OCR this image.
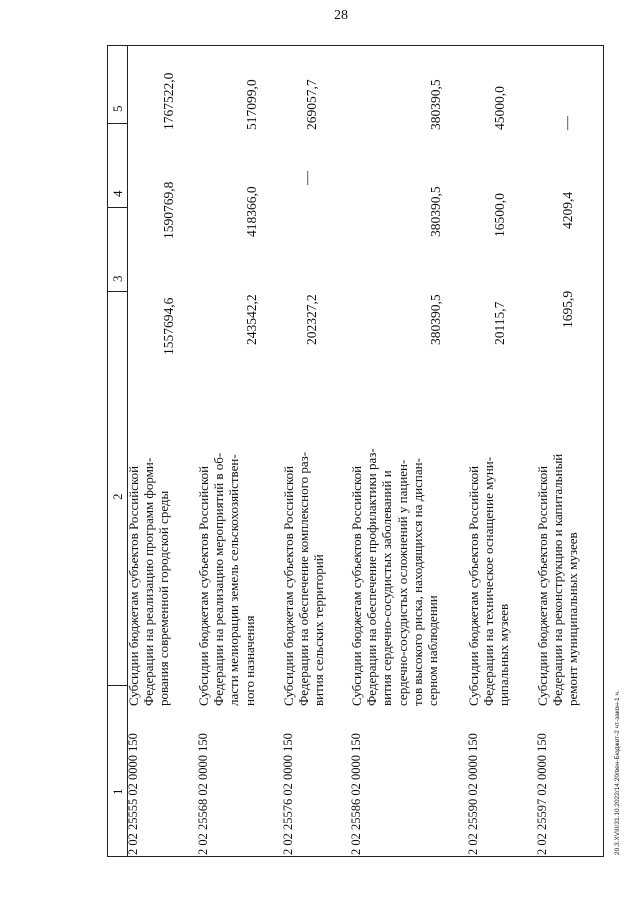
28
5
4
3
2
1 2 02 25555 02 0000 150
Субсидии бюджетам субъектов Российской Федерации на реализацию программ форми- рования современной городской среды
1557694,6
1590769,8
1767522,0
2 02 25568 02 0000 150
Субсидии бюджетам субъектов Российской Федерации на реализацию мероприятий в об- ласти мелиорации земель сельскохозяйствен- ного назначения
243542,2
418366,0
517099,0
2 02 25576 02 0000 150
Субсидии бюджетам субъектов Российской Федерации на обеспечение комплексного раз- вития сельских территорий
202327,2
—
269057,7
2 02 25586 02 0000 150
Субсидии бюджетам субъектов Российской Федерации на обеспечение профилактики раз- вития сердечно-сосудистых заболеваний и сердечно-сосудистых осложнений у пациен- тов высокого риска, находящихся на диспан- серном наблюдении
380390,5
380390,5
380390,5
2 02 25590 02 0000 150
Субсидии бюджетам субъектов Российской Федерации на техническое оснащение муни- ципальных музеев
20115,7
16500,0
45000,0
2 02 25597 02 0000 150
Субсидии бюджетам субъектов Российской Федерации на реконструкцию и капитальный ремонт муниципальных музеев
1695,9
4209,4
—
20.3.XVIII/31.10.2022/14.20/вен-Бюджет-2 чт-закон-1 ч.
